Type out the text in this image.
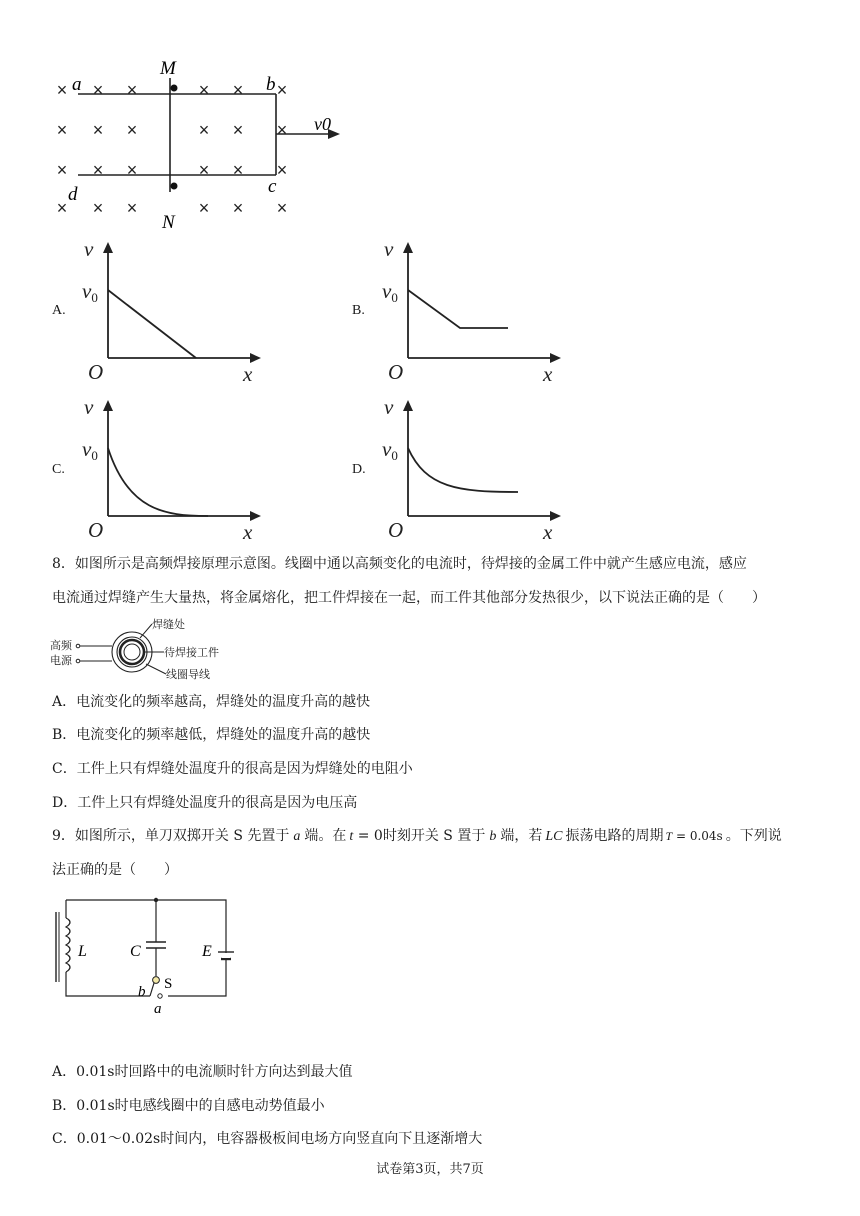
× × ×	× × ×
× × ×	× × ×
× × ×	× × ×
× × ×	× × ×
v0
a	b
c
d
M
N
A.	B.
C.	D.
v
x
O
v0
v
x
O
v0
v
x
O
v0
v
x
O
v0
8．如图所示是高频焊接原理示意图。线圈中通以高频变化的电流时，待焊接的金属工件中就产生感应电流，感应
电流通过焊缝产生大量热，将金属熔化，把工件焊接在一起，而工件其他部分发热很少，以下说法正确的是（　　）
高频
电源
焊缝处
待焊接工件
线圈导线
A．电流变化的频率越高，焊缝处的温度升高的越快
B．电流变化的频率越低，焊缝处的温度升高的越快
C．工件上只有焊缝处温度升的很高是因为焊缝处的电阻小
D．工件上只有焊缝处温度升的很高是因为电压高
9．如图所示，单刀双掷开关 S 先置于 a 端。在 t = 0时刻开关 S 置于 b 端，若 LC 振荡电路的周期 T = 0.04s 。下列说
法正确的是（　　）
L	C	E
S
b
a
A．0.01s时回路中的电流顺时针方向达到最大值
B．0.01s时电感线圈中的自感电动势值最小
C．0.01～0.02s时间内，电容器极板间电场方向竖直向下且逐渐增大
试卷第3页，共7页
